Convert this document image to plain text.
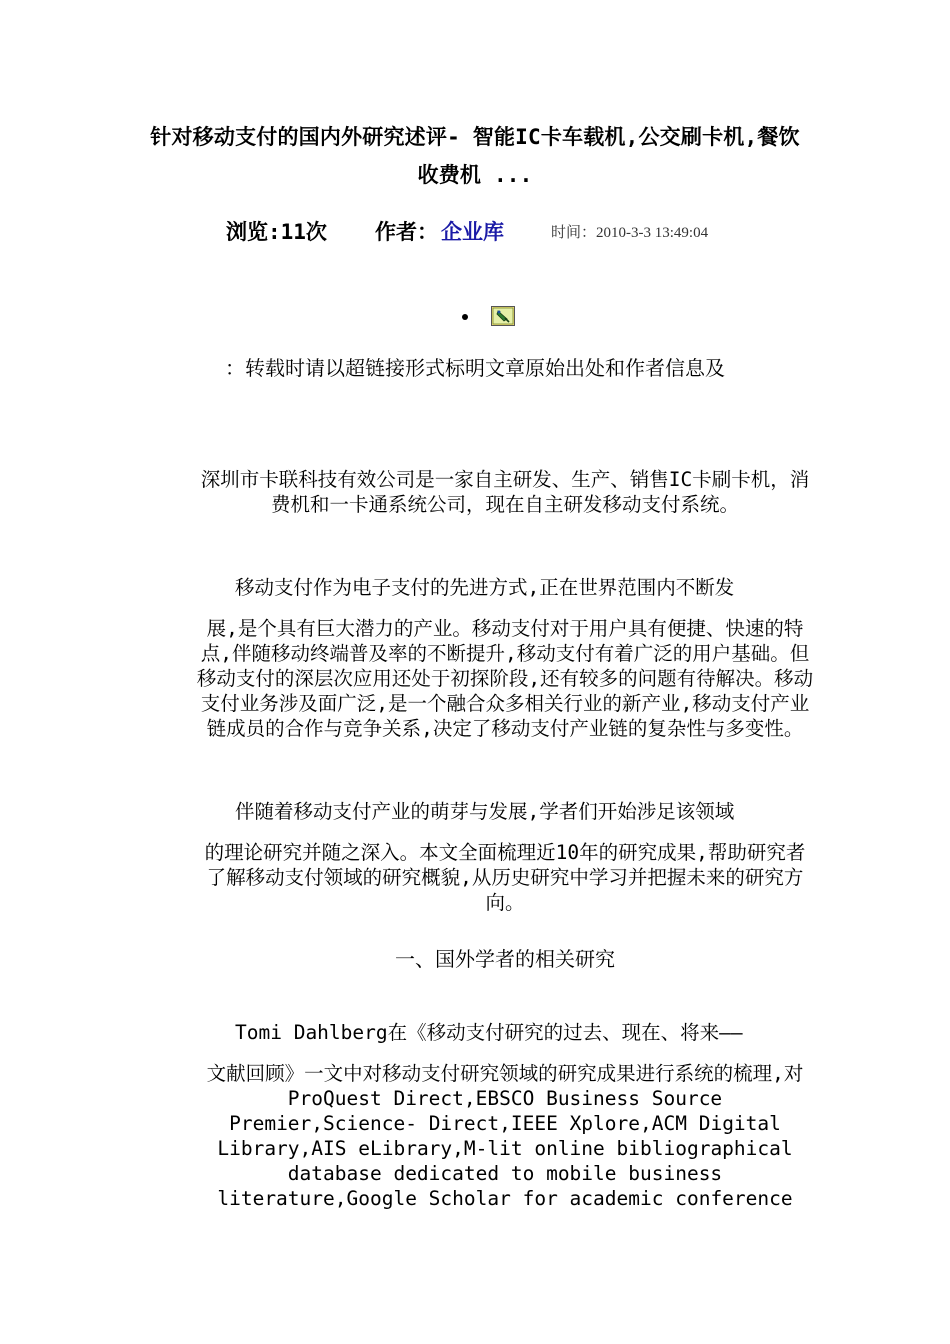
针对移动支付的国内外研究述评- 智能IC卡车载机,公交刷卡机,餐饮收费机 ...
浏览:11次 作者： 企业库	时间：2010-3-3 13:49:04
：转载时请以超链接形式标明文章原始出处和作者信息及
深圳市卡联科技有效公司是一家自主研发、生产、销售IC卡刷卡机，消费机和一卡通系统公司，现在自主研发移动支付系统。
移动支付作为电子支付的先进方式,正在世界范围内不断发
展,是个具有巨大潜力的产业。移动支付对于用户具有便捷、快速的特点,伴随移动终端普及率的不断提升,移动支付有着广泛的用户基础。但移动支付的深层次应用还处于初探阶段,还有较多的问题有待解决。移动支付业务涉及面广泛,是一个融合众多相关行业的新产业,移动支付产业链成员的合作与竞争关系,决定了移动支付产业链的复杂性与多变性。
伴随着移动支付产业的萌芽与发展,学者们开始涉足该领域
的理论研究并随之深入。本文全面梳理近10年的研究成果,帮助研究者了解移动支付领域的研究概貌,从历史研究中学习并把握未来的研究方向。
一、国外学者的相关研究
Tomi Dahlberg在《移动支付研究的过去、现在、将来——
文献回顾》一文中对移动支付研究领域的研究成果进行系统的梳理,对ProQuest Direct,EBSCO Business Source Premier,Science- Direct,IEEE Xplore,ACM Digital Library,AIS eLibrary,M-lit online bibliographical database dedicated to mobile business literature,Google Scholar for academic conference
